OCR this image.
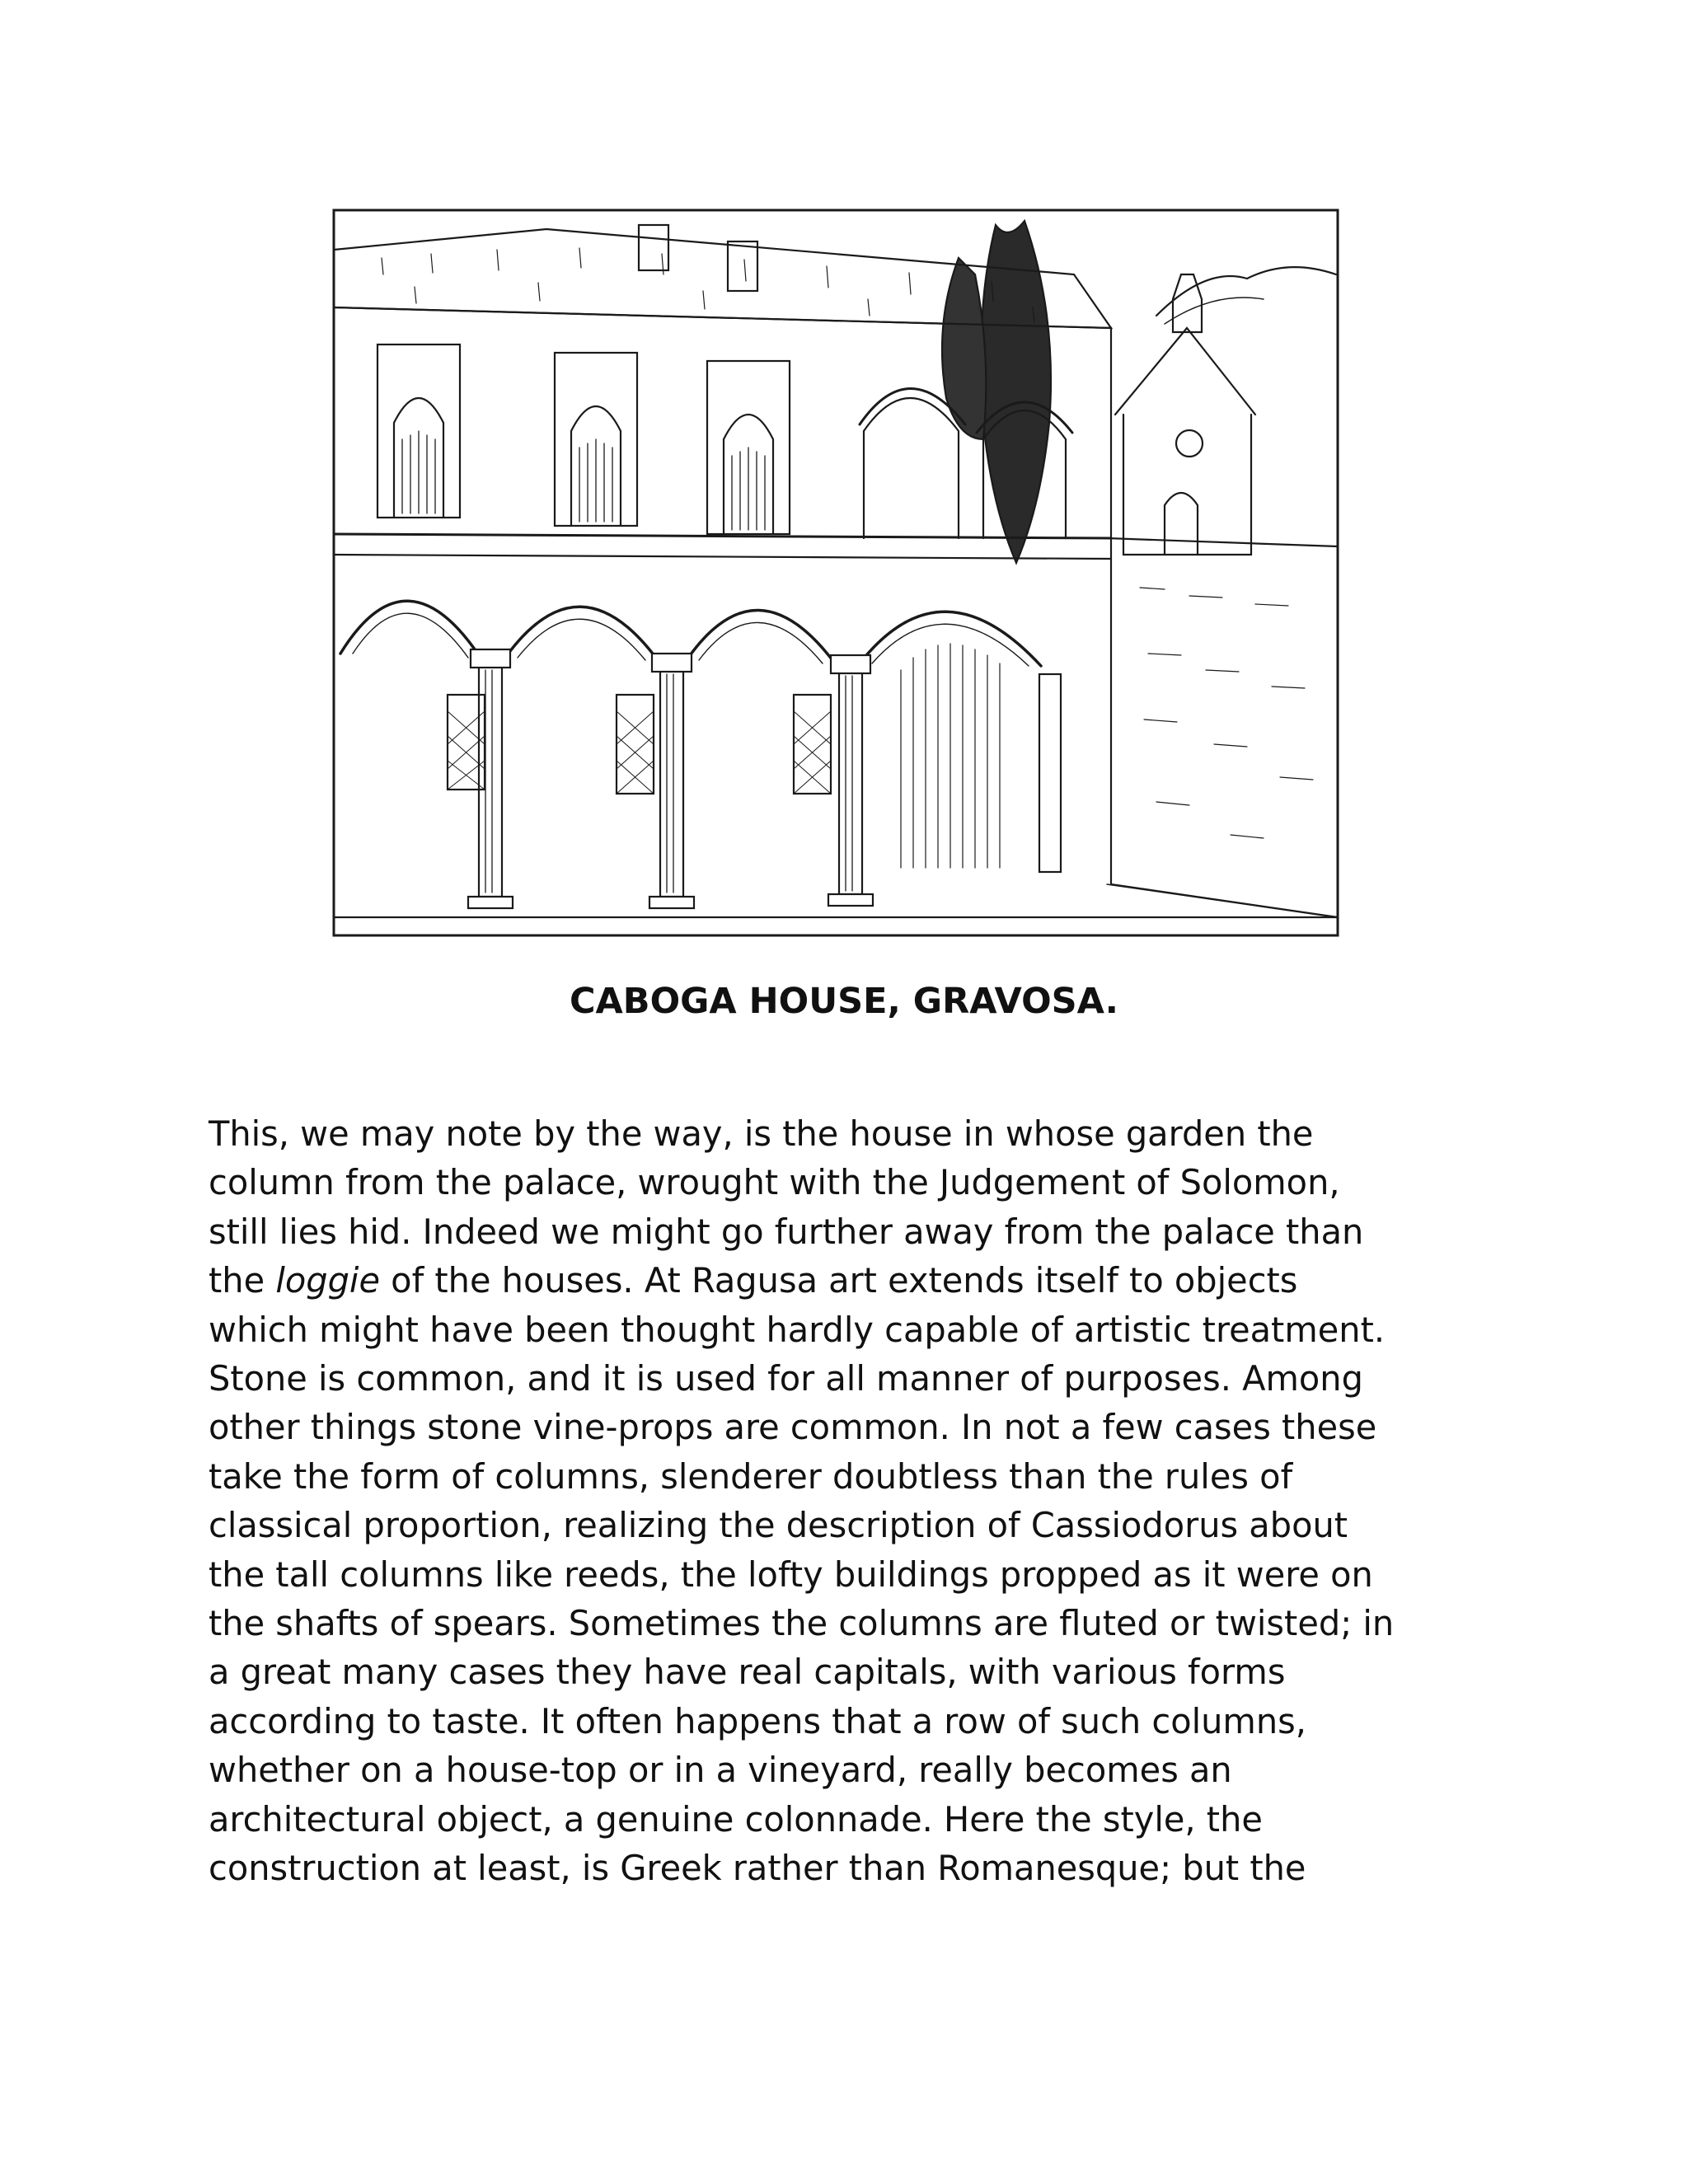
CABOGA HOUSE, GRAVOSA.
This, we may note by the way, is the house in whose garden the
column from the palace, wrought with the Judgement of Solomon,
still lies hid. Indeed we might go further away from the palace than
the loggie of the houses. At Ragusa art extends itself to objects
which might have been thought hardly capable of artistic treatment.
Stone is common, and it is used for all manner of purposes. Among
other things stone vine-props are common. In not a few cases these
take the form of columns, slenderer doubtless than the rules of
classical proportion, realizing the description of Cassiodorus about
the tall columns like reeds, the lofty buildings propped as it were on
the shafts of spears. Sometimes the columns are fluted or twisted; in
a great many cases they have real capitals, with various forms
according to taste. It often happens that a row of such columns,
whether on a house-top or in a vineyard, really becomes an
architectural object, a genuine colonnade. Here the style, the
construction at least, is Greek rather than Romanesque; but the
